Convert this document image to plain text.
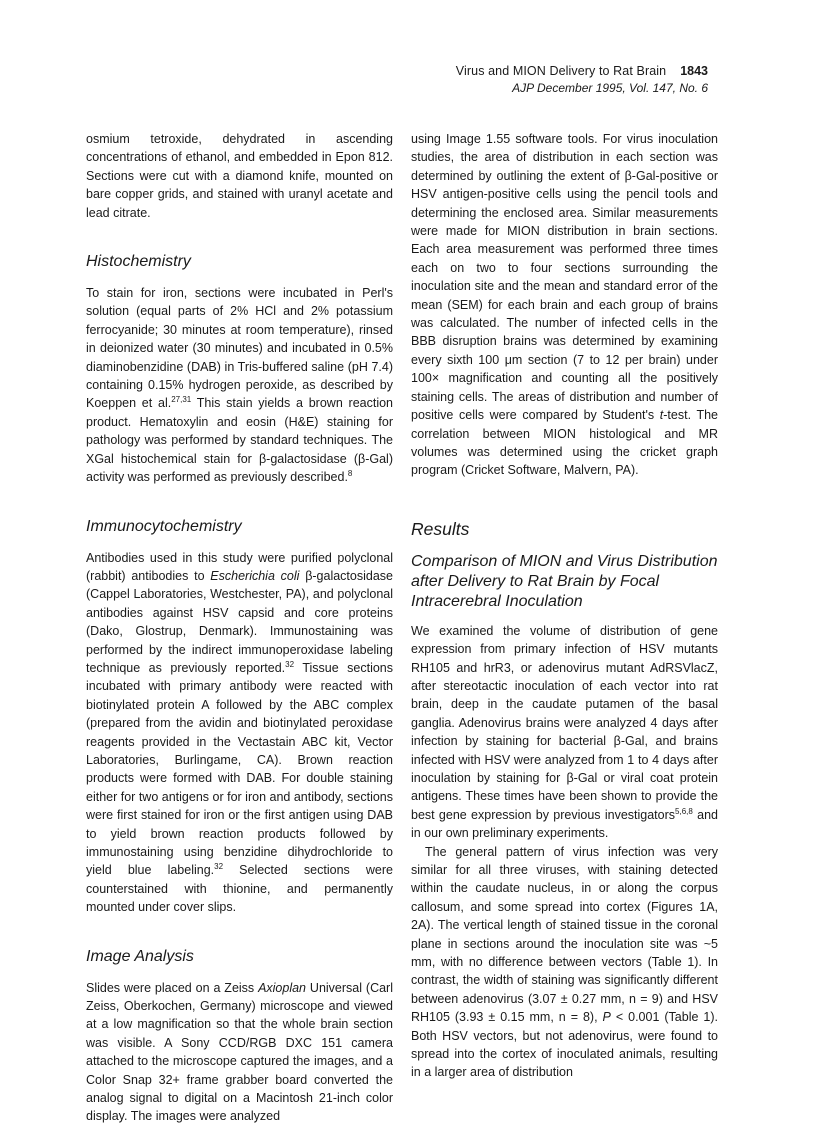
Virus and MION Delivery to Rat Brain 1843
AJP December 1995, Vol. 147, No. 6

osmium tetroxide, dehydrated in ascending concentrations of ethanol, and embedded in Epon 812. Sections were cut with a diamond knife, mounted on bare copper grids, and stained with uranyl acetate and lead citrate.

Histochemistry

To stain for iron, sections were incubated in Perl's solution (equal parts of 2% HCl and 2% potassium ferrocyanide; 30 minutes at room temperature), rinsed in deionized water (30 minutes) and incubated in 0.5% diaminobenzidine (DAB) in Tris-buffered saline (pH 7.4) containing 0.15% hydrogen peroxide, as described by Koeppen et al.$^{27,31}$ This stain yields a brown reaction product. Hematoxylin and eosin (H&E) staining for pathology was performed by standard techniques. The XGal histochemical stain for β-galactosidase (β-Gal) activity was performed as previously described.$^8$

Immunocytochemistry

Antibodies used in this study were purified polyclonal (rabbit) antibodies to Escherichia coli β-galactosidase (Cappel Laboratories, Westchester, PA), and polyclonal antibodies against HSV capsid and core proteins (Dako, Glostrup, Denmark). Immunostaining was performed by the indirect immunoperoxidase labeling technique as previously reported.$^{32}$ Tissue sections incubated with primary antibody were reacted with biotinylated protein A followed by the ABC complex (prepared from the avidin and biotinylated peroxidase reagents provided in the Vectastain ABC kit, Vector Laboratories, Burlingame, CA). Brown reaction products were formed with DAB. For double staining either for two antigens or for iron and antibody, sections were first stained for iron or the first antigen using DAB to yield brown reaction products followed by immunostaining using benzidine dihydrochloride to yield blue labeling.$^{32}$ Selected sections were counterstained with thionine, and permanently mounted under cover slips.

Image Analysis

Slides were placed on a Zeiss Axioplan Universal (Carl Zeiss, Oberkochen, Germany) microscope and viewed at a low magnification so that the whole brain section was visible. A Sony CCD/RGB DXC 151 camera attached to the microscope captured the images, and a Color Snap 32+ frame grabber board converted the analog signal to digital on a Macintosh 21-inch color display. The images were analyzed

using Image 1.55 software tools. For virus inoculation studies, the area of distribution in each section was determined by outlining the extent of β-Gal-positive or HSV antigen-positive cells using the pencil tools and determining the enclosed area. Similar measurements were made for MION distribution in brain sections. Each area measurement was performed three times each on two to four sections surrounding the inoculation site and the mean and standard error of the mean (SEM) for each brain and each group of brains was calculated. The number of infected cells in the BBB disruption brains was determined by examining every sixth 100 μm section (7 to 12 per brain) under 100× magnification and counting all the positively staining cells. The areas of distribution and number of positive cells were compared by Student's t-test. The correlation between MION histological and MR volumes was determined using the cricket graph program (Cricket Software, Malvern, PA).

Results
Comparison of MION and Virus Distribution after Delivery to Rat Brain by Focal Intracerebral Inoculation

We examined the volume of distribution of gene expression from primary infection of HSV mutants RH105 and hrR3, or adenovirus mutant AdRSVlacZ, after stereotactic inoculation of each vector into rat brain, deep in the caudate putamen of the basal ganglia. Adenovirus brains were analyzed 4 days after infection by staining for bacterial β-Gal, and brains infected with HSV were analyzed from 1 to 4 days after inoculation by staining for β-Gal or viral coat protein antigens. These times have been shown to provide the best gene expression by previous investigators$^{5,6,8}$ and in our own preliminary experiments.

The general pattern of virus infection was very similar for all three viruses, with staining detected within the caudate nucleus, in or along the corpus callosum, and some spread into cortex (Figures 1A, 2A). The vertical length of stained tissue in the coronal plane in sections around the inoculation site was ~5 mm, with no difference between vectors (Table 1). In contrast, the width of staining was significantly different between adenovirus (3.07 ± 0.27 mm, n = 9) and HSV RH105 (3.93 ± 0.15 mm, n = 8), P < 0.001 (Table 1). Both HSV vectors, but not adenovirus, were found to spread into the cortex of inoculated animals, resulting in a larger area of distribution
